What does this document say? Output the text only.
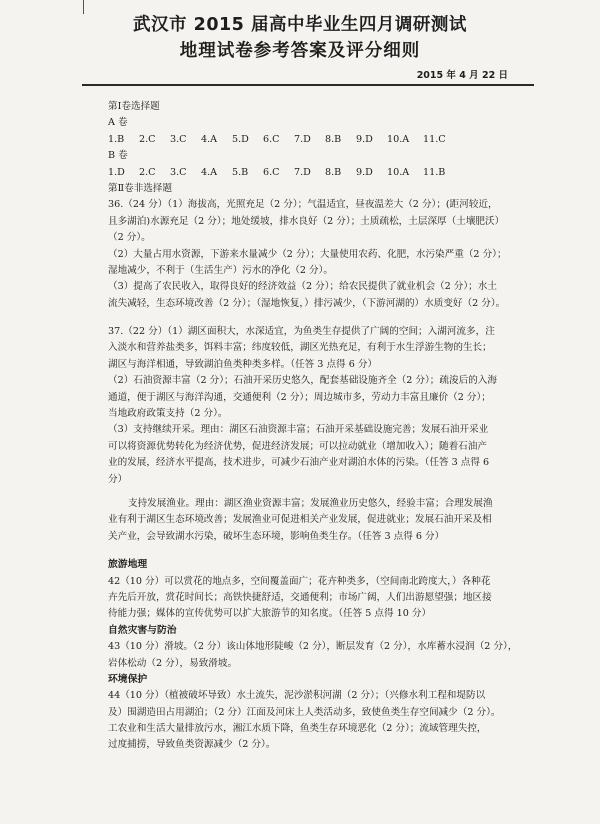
武汉市 2015 届高中毕业生四月调研测试
地理试卷参考答案及评分细则
2015 年 4 月 22 日
第Ⅰ卷选择题
A 卷
1.B	2.C	3.C	4.A	5.D	6.C	7.D	8.B	9.D	10.A	11.C
B 卷
1.D	2.C	3.C	4.A	5.B	6.C	7.D	8.B	9.D	10.A	11.B
第Ⅱ卷非选择题
36.（24 分）（1）海拔高，光照充足（2 分）；气温适宜，昼夜温差大（2 分）；(距河较近，
且多湖泊)水源充足（2 分）；地处缓坡，排水良好（2 分）；土质疏松，土层深厚（土壤肥沃）
（2 分）。
（2）大量占用水资源，下游来水量减少（2 分）；大量使用农药、化肥，水污染严重（2 分）；
湿地减少，不利于（生活生产）污水的净化（2 分）。
（3）提高了农民收入，取得良好的经济效益（2 分）；给农民提供了就业机会（2 分）；水土
流失减轻，生态环境改善（2 分）；（湿地恢复，）排污减少，（下游河湖的）水质变好（2 分）。
37.（22 分）（1）湖区面积大，水深适宜，为鱼类生存提供了广阔的空间；入湖河流多，注
入淡水和营养盐类多，饵料丰富；纬度较低，湖区光热充足，有利于水生浮游生物的生长；
湖区与海洋相通，导致湖泊鱼类种类多样。（任答 3 点得 6 分）
（2）石油资源丰富（2 分）；石油开采历史悠久，配套基础设施齐全（2 分）；疏浚后的入海
通道，便于湖区与海洋沟通，交通便利（2 分）；周边城市多，劳动力丰富且廉价（2 分）；
当地政府政策支持（2 分）。
（3）支持继续开采。理由：湖区石油资源丰富；石油开采基础设施完善；发展石油开采业
可以将资源优势转化为经济优势，促进经济发展；可以拉动就业（增加收入）；随着石油产
业的发展，经济水平提高，技术进步，可减少石油产业对湖泊水体的污染。（任答 3 点得 6
分）
支持发展渔业。理由：湖区渔业资源丰富；发展渔业历史悠久，经验丰富；合理发展渔
业有利于湖区生态环境改善；发展渔业可促进相关产业发展，促进就业；发展石油开采及相
关产业，会导致湖水污染，破坏生态环境，影响鱼类生存。（任答 3 点得 6 分）
旅游地理
42（10 分）可以赏花的地点多，空间覆盖面广；花卉种类多，（空间南北跨度大，）各种花
卉先后开放，赏花时间长；高铁快捷舒适，交通便利；市场广阔，人们出游愿望强；地区接
待能力强；媒体的宣传优势可以扩大旅游节的知名度。（任答 5 点得 10 分）
自然灾害与防治
43（10 分）滑坡。（2 分）该山体地形陡峻（2 分），断层发育（2 分），水库蓄水浸润（2 分），
岩体松动（2 分），易致滑坡。
环境保护
44（10 分）（植被破坏导致）水土流失，泥沙淤积河湖（2 分）；（兴修水利工程和堤防以
及）围湖造田占用湖泊；（2 分）江面及河床上人类活动多，致使鱼类生存空间减少（2 分）。
工农业和生活大量排放污水，湘江水质下降，鱼类生存环境恶化（2 分）；流域管理失控，
过度捕捞，导致鱼类资源减少（2 分）。
